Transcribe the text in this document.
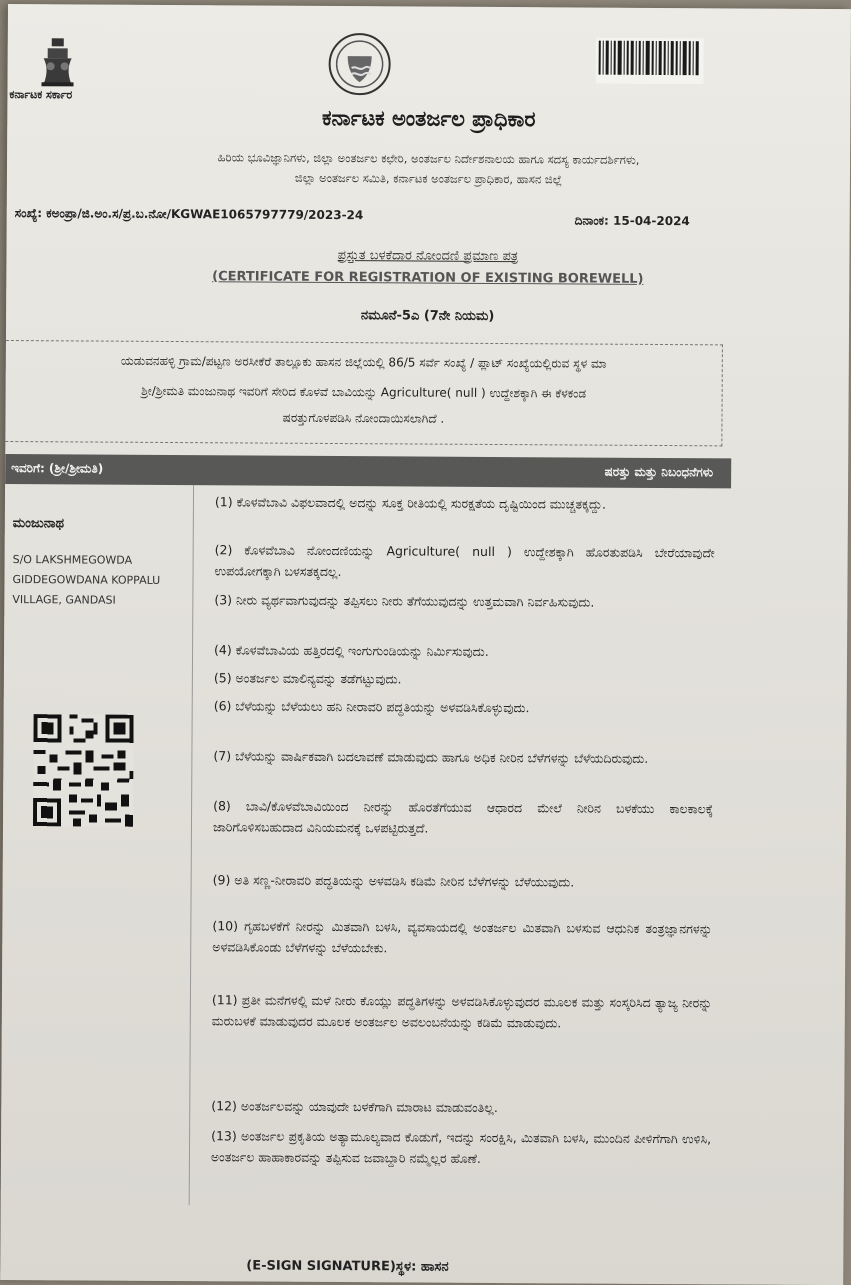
ಕರ್ನಾಟಕ ಸರ್ಕಾರ
ಕರ್ನಾಟಕ ಅಂತರ್ಜಲ ಪ್ರಾಧಿಕಾರ
ಹಿರಿಯ ಭೂವಿಜ್ಞಾನಿಗಳು, ಜಿಲ್ಲಾ ಅಂತರ್ಜಲ ಕಛೇರಿ, ಅಂತರ್ಜಲ ನಿರ್ದೇಶನಾಲಯ ಹಾಗೂ ಸದಸ್ಯ ಕಾರ್ಯದರ್ಶಿಗಳು,
ಜಿಲ್ಲಾ ಅಂತರ್ಜಲ ಸಮಿತಿ, ಕರ್ನಾಟಕ ಅಂತರ್ಜಲ ಪ್ರಾಧಿಕಾರ, ಹಾಸನ ಜಿಲ್ಲೆ
ಸಂಖ್ಯೆ: ಕಅಂಪ್ರಾ/ಜಿ.ಅಂ.ಸ/ಪ್ರ.ಬ.ನೋ/KGWAE1065797779/2023-24	ದಿನಾಂಕ: 15-04-2024
ಪ್ರಸ್ತುತ ಬಳಕೆದಾರ ನೋಂದಣಿ ಪ್ರಮಾಣ ಪತ್ರ
(CERTIFICATE FOR REGISTRATION OF EXISTING BOREWELL)
ನಮೂನೆ-5ಎ (7ನೇ ನಿಯಮ)
ಯಡುವನಹಳ್ಳಿ ಗ್ರಾಮ/ಪಟ್ಟಣ ಅರಸೀಕೆರೆ ತಾಲ್ಲೂಕು ಹಾಸನ ಜಿಲ್ಲೆಯಲ್ಲಿ 86/5 ಸರ್ವೆ ಸಂಖ್ಯೆ / ಪ್ಲಾಟ್ ಸಂಖ್ಯೆಯಲ್ಲಿರುವ ಸ್ಥಳ ಮಾ
ಶ್ರೀ/ಶ್ರೀಮತಿ ಮಂಜುನಾಥ ಇವರಿಗೆ ಸೇರಿದ ಕೊಳವೆ ಬಾವಿಯನ್ನು Agriculture( null ) ಉದ್ದೇಶಕ್ಕಾಗಿ ಈ ಕೆಳಕಂಡ
ಷರತ್ತುಗೊಳಪಡಿಸಿ ನೋಂದಾಯಿಸಲಾಗಿದೆ .
ಇವರಿಗೆ: (ಶ್ರೀ/ಶ್ರೀಮತಿ)	ಷರತ್ತು ಮತ್ತು ನಿಬಂಧನೆಗಳು
ಮಂಜುನಾಥ
S/O LAKSHMEGOWDA
GIDDEGOWDANA KOPPALU
VILLAGE, GANDASI
(1) ಕೊಳವೆಬಾವಿ ವಿಫಲವಾದಲ್ಲಿ ಅದನ್ನು ಸೂಕ್ತ ರೀತಿಯಲ್ಲಿ ಸುರಕ್ಷತೆಯ ದೃಷ್ಟಿಯಿಂದ ಮುಚ್ಚತಕ್ಕದ್ದು.
(2) ಕೊಳವೆಬಾವಿ ನೋಂದಣಿಯನ್ನು Agriculture( null ) ಉದ್ದೇಶಕ್ಕಾಗಿ ಹೊರತುಪಡಿಸಿ ಬೇರೆಯಾವುದೇ ಉಪಯೋಗಕ್ಕಾಗಿ ಬಳಸತಕ್ಕದಲ್ಲ.
(3) ನೀರು ವ್ಯರ್ಥವಾಗುವುದನ್ನು ತಪ್ಪಿಸಲು ನೀರು ತೆಗೆಯುವುದನ್ನು ಉತ್ತಮವಾಗಿ ನಿರ್ವಹಿಸುವುದು.
(4) ಕೊಳವೆಬಾವಿಯ ಹತ್ತಿರದಲ್ಲಿ ಇಂಗುಗುಂಡಿಯನ್ನು ನಿರ್ಮಿಸುವುದು.
(5) ಅಂತರ್ಜಲ ಮಾಲಿನ್ಯವನ್ನು ತಡೆಗಟ್ಟುವುದು.
(6) ಬೆಳೆಯನ್ನು ಬೆಳೆಯಲು ಹನಿ ನೀರಾವರಿ ಪದ್ಧತಿಯನ್ನು ಅಳವಡಿಸಿಕೊಳ್ಳುವುದು.
(7) ಬೆಳೆಯನ್ನು ವಾರ್ಷಿಕವಾಗಿ ಬದಲಾವಣೆ ಮಾಡುವುದು ಹಾಗೂ ಅಧಿಕ ನೀರಿನ ಬೆಳೆಗಳನ್ನು ಬೆಳೆಯದಿರುವುದು.
(8) ಬಾವಿ/ಕೊಳವೆಬಾವಿಯಿಂದ ನೀರನ್ನು ಹೊರತೆಗೆಯುವ ಆಧಾರದ ಮೇಲೆ ನೀರಿನ ಬಳಕೆಯು ಕಾಲಕಾಲಕ್ಕೆ ಜಾರಿಗೊಳಿಸಬಹುದಾದ ವಿನಿಯಮನಕ್ಕೆ ಒಳಪಟ್ಟಿರುತ್ತದೆ.
(9) ಅತಿ ಸಣ್ಣ-ನೀರಾವರಿ ಪದ್ಧತಿಯನ್ನು ಅಳವಡಿಸಿ ಕಡಿಮೆ ನೀರಿನ ಬೆಳೆಗಳನ್ನು ಬೆಳೆಯುವುದು.
(10) ಗೃಹಬಳಕೆಗೆ ನೀರನ್ನು ಮಿತವಾಗಿ ಬಳಸಿ, ವ್ಯವಸಾಯದಲ್ಲಿ ಅಂತರ್ಜಲ ಮಿತವಾಗಿ ಬಳಸುವ ಆಧುನಿಕ ತಂತ್ರಜ್ಞಾನಗಳನ್ನು ಅಳವಡಿಸಿಕೊಂಡು ಬೆಳೆಗಳನ್ನು ಬೆಳೆಯಬೇಕು.
(11) ಪ್ರತೀ ಮನೆಗಳಲ್ಲಿ ಮಳೆ ನೀರು ಕೊಯ್ಲು ಪದ್ಧತಿಗಳನ್ನು ಅಳವಡಿಸಿಕೊಳ್ಳುವುದರ ಮೂಲಕ ಮತ್ತು ಸಂಸ್ಕರಿಸಿದ ತ್ಯಾಜ್ಯ ನೀರನ್ನು ಮರುಬಳಕೆ ಮಾಡುವುದರ ಮೂಲಕ ಅಂತರ್ಜಲ ಅವಲಂಬನೆಯನ್ನು ಕಡಿಮೆ ಮಾಡುವುದು.
(12) ಅಂತರ್ಜಲವನ್ನು ಯಾವುದೇ ಬಳಕೆಗಾಗಿ ಮಾರಾಟ ಮಾಡುವಂತಿಲ್ಲ.
(13) ಅಂತರ್ಜಲ ಪ್ರಕೃತಿಯ ಅತ್ಯಾಮೂಲ್ಯವಾದ ಕೊಡುಗೆ, ಇದನ್ನು ಸಂರಕ್ಷಿಸಿ, ಮಿತವಾಗಿ ಬಳಸಿ, ಮುಂದಿನ ಪೀಳಿಗೆಗಾಗಿ ಉಳಿಸಿ, ಅಂತರ್ಜಲ ಹಾಹಾಕಾರವನ್ನು ತಪ್ಪಿಸುವ ಜವಾಬ್ದಾರಿ ನಮ್ಮೆಲ್ಲರ ಹೊಣೆ.
(E-SIGN SIGNATURE)ಸ್ಥಳ: ಹಾಸನ
